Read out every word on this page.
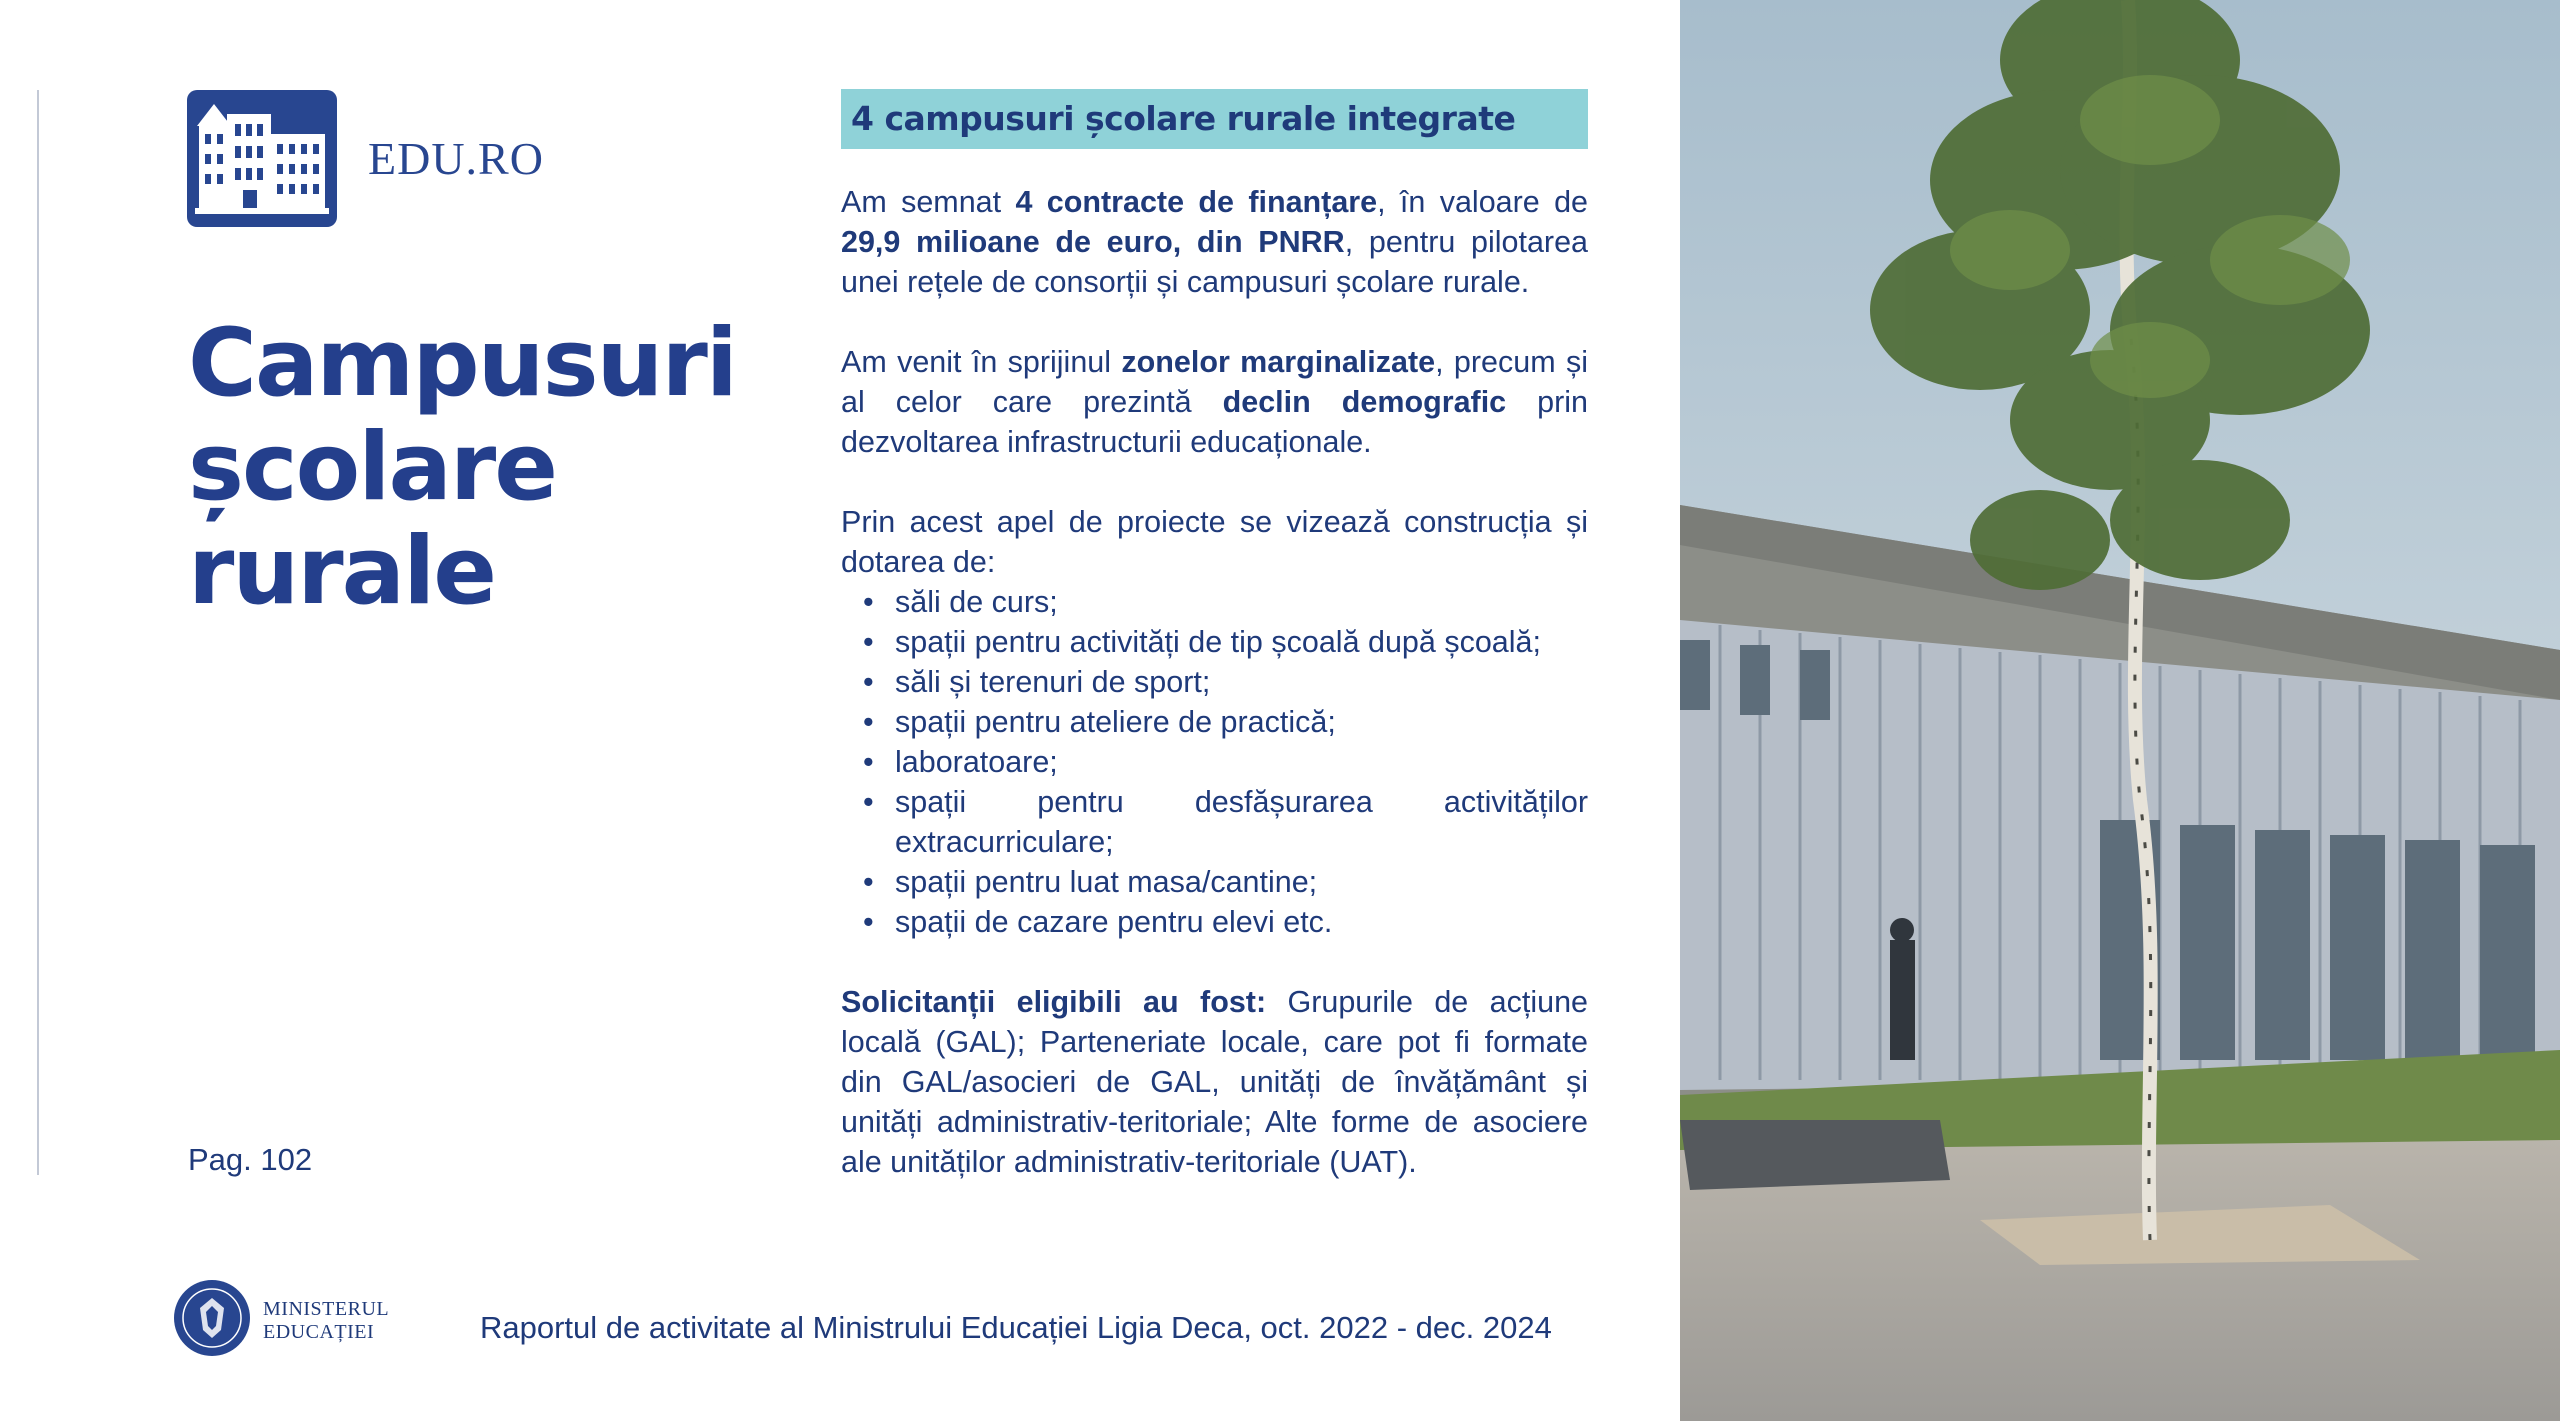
EDU.RO
Campusuri
școlare
rurale
Pag. 102
4 campusuri școlare rurale integrate

Am semnat 4 contracte de finanțare, în valoare de 29,9 milioane de euro, din PNRR, pentru pilotarea unei rețele de consorții și campusuri școlare rurale.

Am venit în sprijinul zonelor marginalizate, precum și al celor care prezintă declin demografic prin dezvoltarea infrastructurii educaționale.

Prin acest apel de proiecte se vizează construcția și dotarea de:

• săli de curs;
• spații pentru activități de tip școală după școală;
• săli și terenuri de sport;
• spații pentru ateliere de practică;
• laboratoare;
• spații pentru desfășurarea activităților extracurriculare;
• spații pentru luat masa/cantine;
• spații de cazare pentru elevi etc.

Solicitanții eligibili au fost: Grupurile de acțiune locală (GAL); Parteneriate locale, care pot fi formate din GAL/asocieri de GAL, unități de învățământ și unități administrativ-teritoriale; Alte forme de asociere ale unităților administrativ-teritoriale (UAT).

MINISTERUL
EDUCAȚIEI	Raportul de activitate al Ministrului Educației Ligia Deca, oct. 2022 - dec. 2024
